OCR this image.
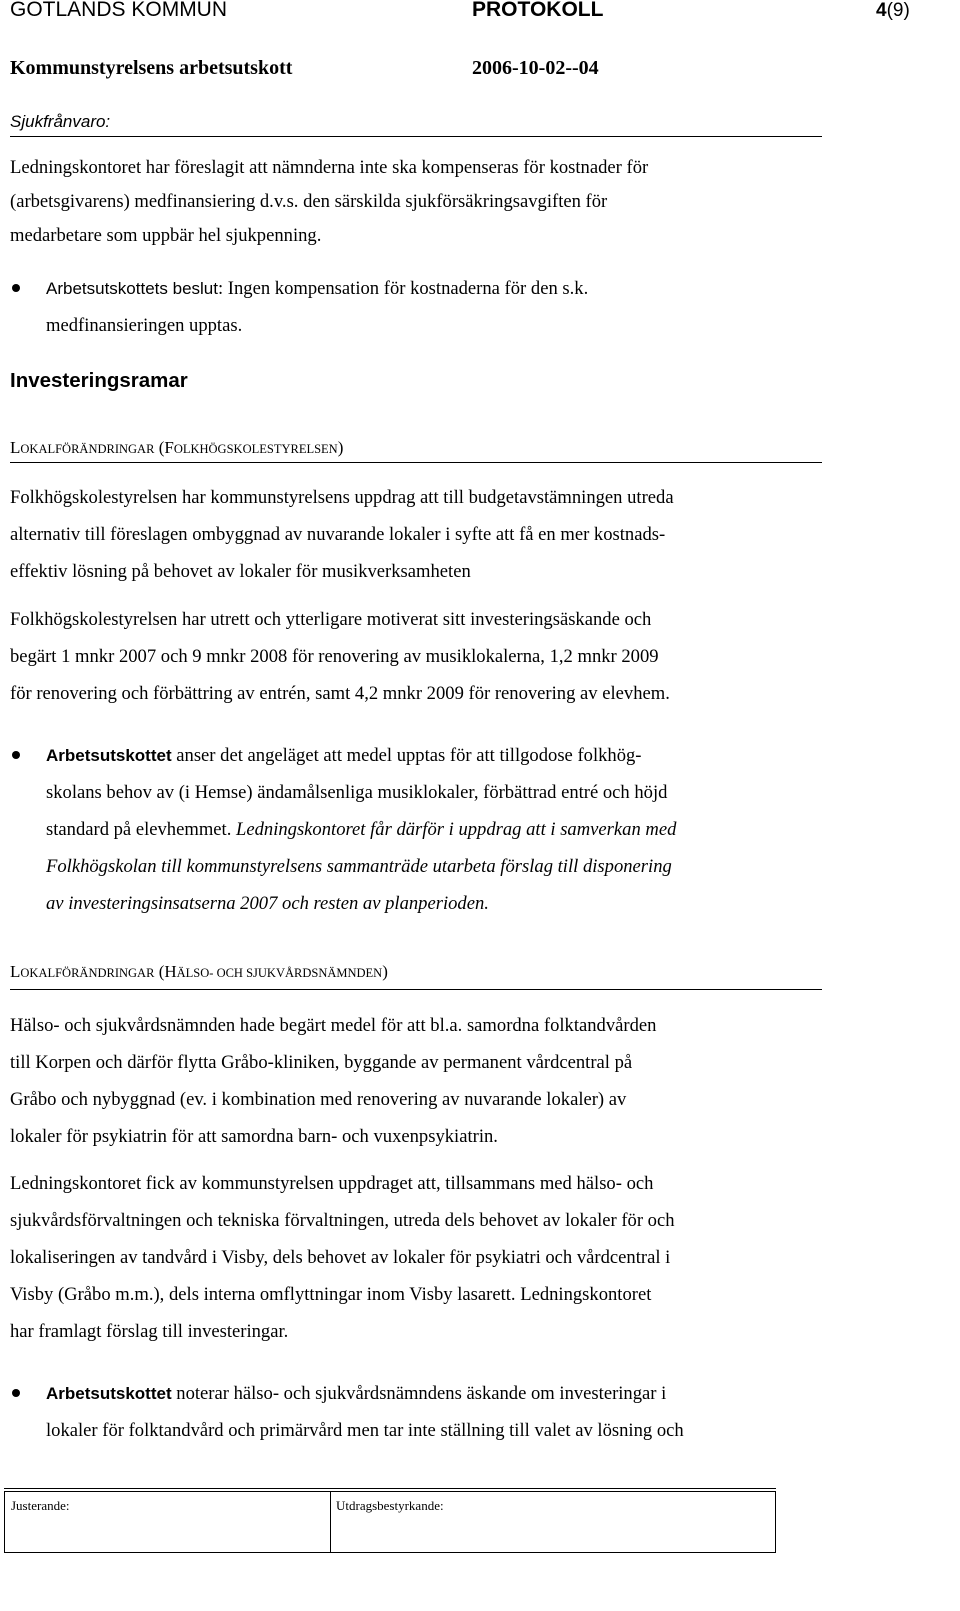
GOTLANDS KOMMUN	PROTOKOLL	4(9)
Kommunstyrelsens arbetsutskott	2006-10-02--04
Sjukfrånvaro:
Ledningskontoret har föreslagit att nämnderna inte ska kompenseras för kostnader för
(arbetsgivarens) medfinansiering d.v.s. den särskilda sjukförsäkringsavgiften för
medarbetare som uppbär hel sjukpenning.
Arbetsutskottets beslut: Ingen kompensation för kostnaderna för den s.k.
medfinansieringen upptas.
Investeringsramar
LOKALFÖRÄNDRINGAR (FOLKHÖGSKOLESTYRELSEN)
Folkhögskolestyrelsen har kommunstyrelsens uppdrag att till budgetavstämningen utreda
alternativ till föreslagen ombyggnad av nuvarande lokaler i syfte att få en mer kostnads-
effektiv lösning på behovet av lokaler för musikverksamheten
Folkhögskolestyrelsen har utrett och ytterligare motiverat sitt investeringsäskande och
begärt 1 mnkr 2007 och 9 mnkr 2008 för renovering av musiklokalerna, 1,2 mnkr 2009
för renovering och förbättring av entrén, samt 4,2 mnkr 2009 för renovering av elevhem.
Arbetsutskottet anser det angeläget att medel upptas för att tillgodose folkhög-
skolans behov av (i Hemse) ändamålsenliga musiklokaler, förbättrad entré och höjd
standard på elevhemmet. Ledningskontoret får därför i uppdrag att i samverkan med
Folkhögskolan till kommunstyrelsens sammanträde utarbeta förslag till disponering
av investeringsinsatserna 2007 och resten av planperioden.
LOKALFÖRÄNDRINGAR (HÄLSO- OCH SJUKVÅRDSNÄMNDEN)
Hälso- och sjukvårdsnämnden hade begärt medel för att bl.a. samordna folktandvården
till Korpen och därför flytta Gråbo-kliniken, byggande av permanent vårdcentral på
Gråbo och nybyggnad (ev. i kombination med renovering av nuvarande lokaler) av
lokaler för psykiatrin för att samordna barn- och vuxenpsykiatrin.
Ledningskontoret fick av kommunstyrelsen uppdraget att, tillsammans med hälso- och
sjukvårdsförvaltningen och tekniska förvaltningen, utreda dels behovet av lokaler för och
lokaliseringen av tandvård i Visby, dels behovet av lokaler för psykiatri och vårdcentral i
Visby (Gråbo m.m.), dels interna omflyttningar inom Visby lasarett. Ledningskontoret
har framlagt förslag till investeringar.
Arbetsutskottet noterar hälso- och sjukvårdsnämndens äskande om investeringar i
lokaler för folktandvård och primärvård men tar inte ställning till valet av lösning och
Justerande:	Utdragsbestyrkande:
